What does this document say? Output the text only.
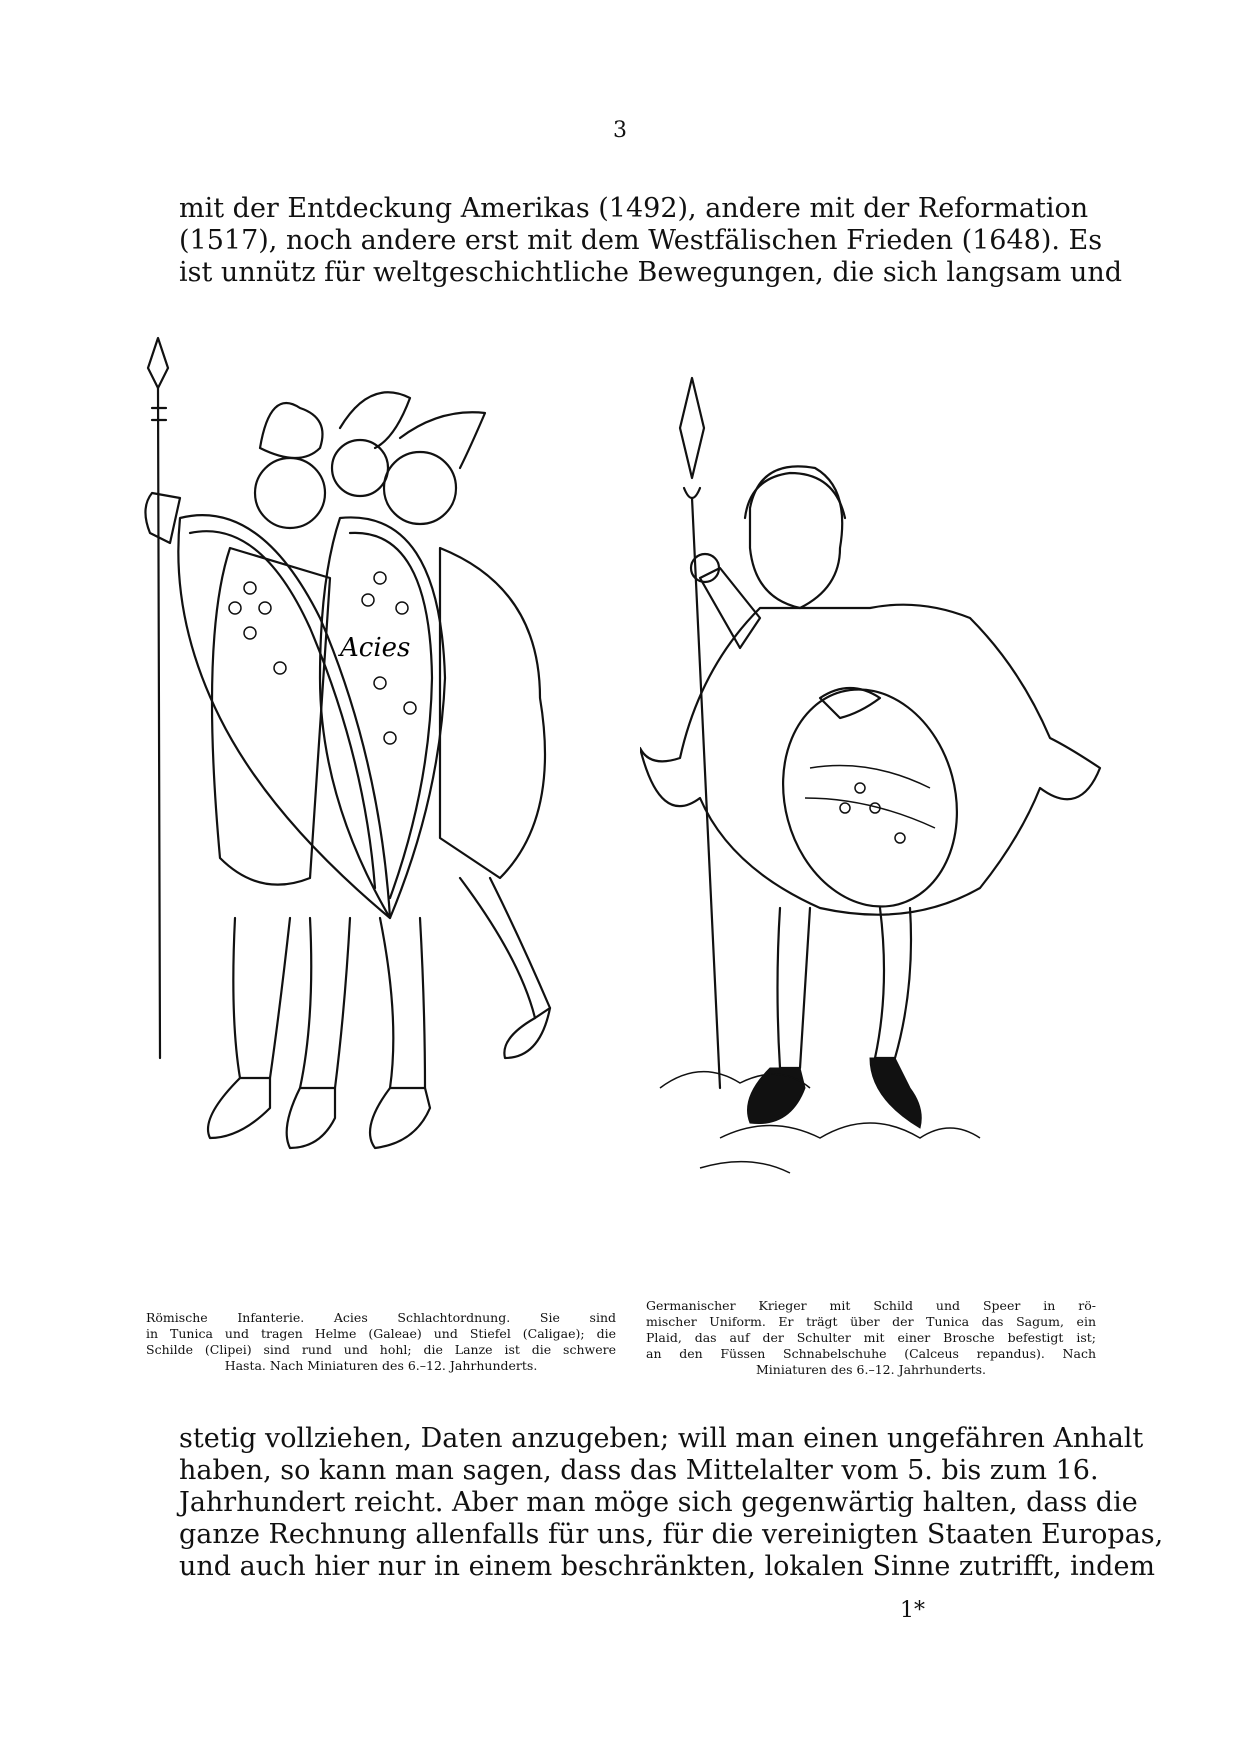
3
mit der Entdeckung Amerikas (1492), andere mit der Reformation
(1517), noch andere erst mit dem Westfälischen Frieden (1648). Es
ist unnütz für weltgeschichtliche Bewegungen, die sich langsam und
Acies
Römische Infanterie. Acies Schlachtordnung. Sie sind
in Tunica und tragen Helme (Galeae) und Stiefel (Caligae); die
Schilde (Clipei) sind rund und hohl; die Lanze ist die schwere
Hasta. Nach Miniaturen des 6.–12. Jahrhunderts.
Germanischer Krieger mit Schild und Speer in rö-
mischer Uniform. Er trägt über der Tunica das Sagum, ein
Plaid, das auf der Schulter mit einer Brosche befestigt ist;
an den Füssen Schnabelschuhe (Calceus repandus). Nach
Miniaturen des 6.–12. Jahrhunderts.
stetig vollziehen, Daten anzugeben; will man einen ungefähren Anhalt
haben, so kann man sagen, dass das Mittelalter vom 5. bis zum 16.
Jahrhundert reicht. Aber man möge sich gegenwärtig halten, dass die
ganze Rechnung allenfalls für uns, für die vereinigten Staaten Europas,
und auch hier nur in einem beschränkten, lokalen Sinne zutrifft, indem
1*
